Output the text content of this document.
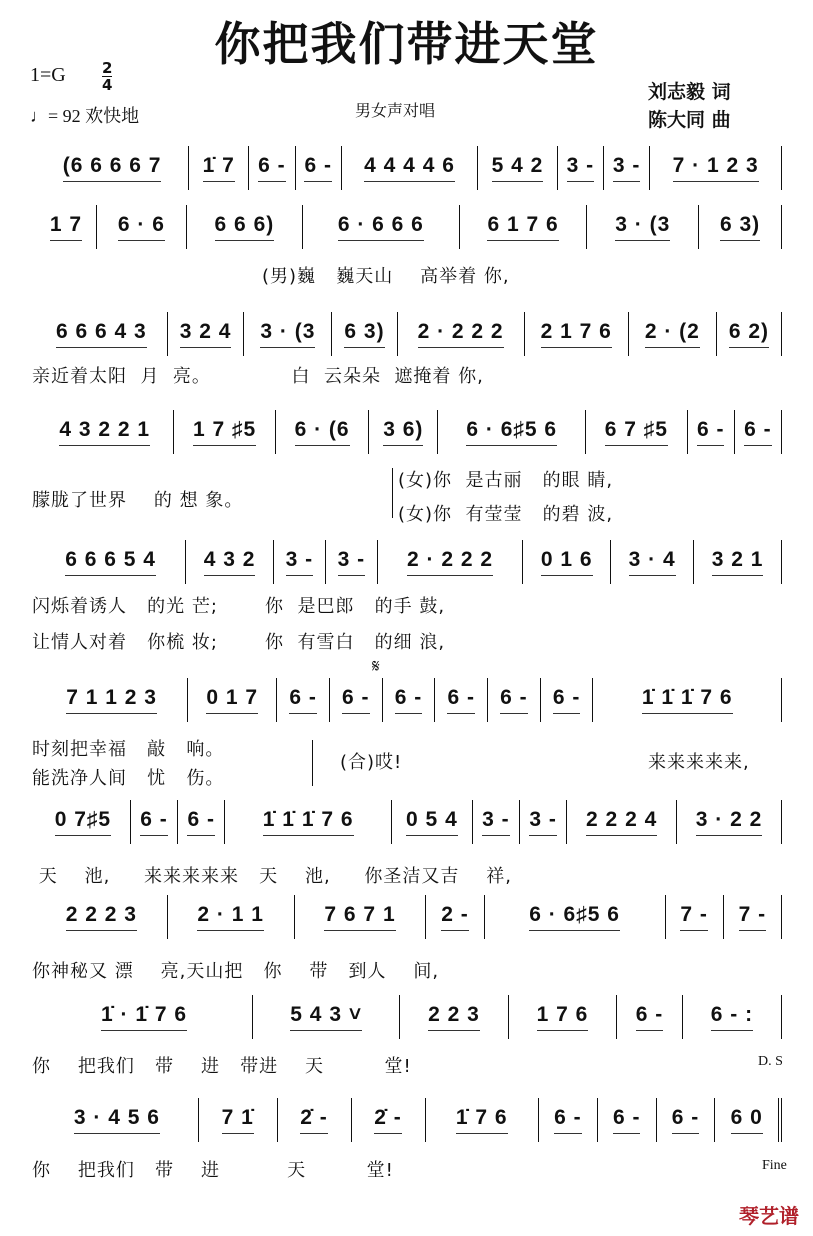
你把我们带进天堂
1=G 2
4
♩= 92 欢快地	男女声对唱
刘志毅 词
陈大同 曲
(6 6 6 6 7 1̇ 7 6 - 6 - 4 4 4 4 6 5 4 2 3 - 3 - 7 · 1 2 3
1 7 6 · 6 6 6 6)	6 · 6 6 6	6 1 7 6	3 · (3 6 3)
6 6 6 4 3 3 2 4 3 · (3 6 3) 2 · 2 2 2 2 1 7 6 2 · (2 6 2)
4 3 2 2 1 1 7 ♯5 6 · (6 3 6) 6 · 6♯5 6 6 7 ♯5 6 - 6 -
6 6 6 5 4 4 3 2 3 - 3 - 2 · 2 2 2 0 1 6 3 · 4 3 2 1
7 1 1 2 3 0 1 7 6 - 6 - 6 - 6 - 6 - 6 -	1̇ 1̇ 1̇ 7 6
0 7♯5 6 - 6 - 1̇ 1̇ 1̇ 7 6	0 5 4 3 - 3 - 2 2 2 4 3 · 2 2
2 2 2 3	2 · 1 1	7 6 7 1 2 -	6 · 6♯5 6	7 - 7 -
1̇ · 1̇ 7 6	5 4 3 ˅	2 2 3	1 7 6 6 - 6 - :
3 · 4 5 6	7 1̇ 2̇ - 2̇ -	1̇ 7 6 6 - 6 - 6 - 6 0
(男)巍   巍天山    高举着 你,
亲近着太阳  月  亮。            白  云朵朵  遮掩着 你,
朦胧了世界    的 想 象。
(女)你  是古丽   的眼 睛,
(女)你  有莹莹   的碧 波,
闪烁着诱人   的光 芒;       你  是巴郎   的手 鼓,
让情人对着   你梳 妆;       你  有雪白   的细 浪,
𝄋
时刻把幸福   敲   响。
能洗净人间   忧   伤。
(合)哎!	来来来来来,
天    池,     来来来来来   天    池,     你圣洁又吉    祥,
你神秘又 漂    亮,天山把   你    带   到人    间,
你    把我们   带    进   带进    天         堂!	D. S
你    把我们   带    进          天         堂!	Fine
琴艺谱
